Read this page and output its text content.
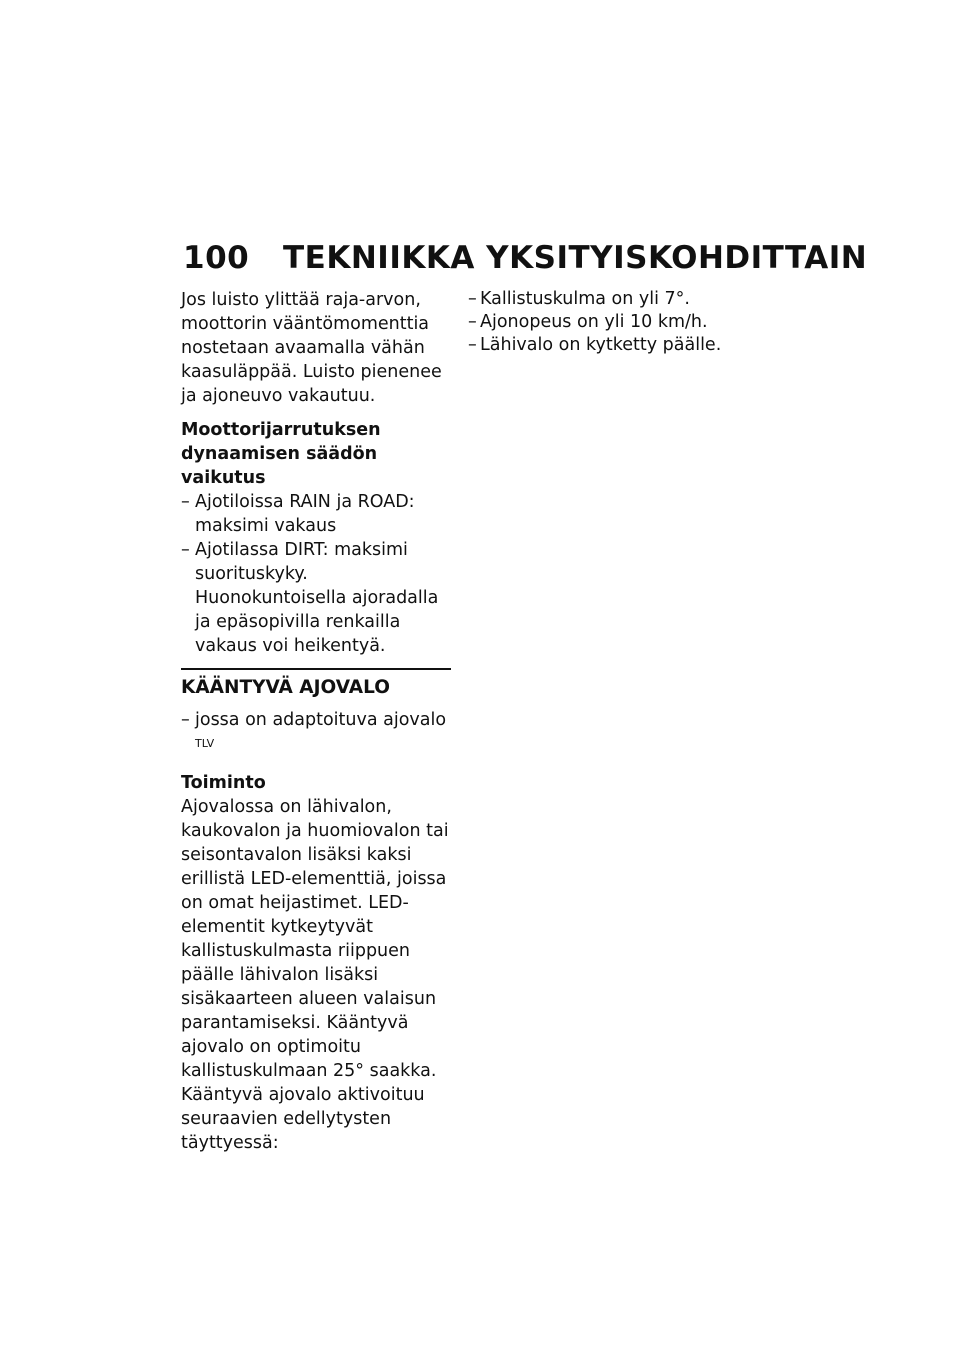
100 TEKNIIKKA YKSITYISKOHDITTAIN

Jos luisto ylittää raja-arvon, moottorin vääntömomenttia nostetaan avaamalla vähän kaasuläppää. Luisto pienenee ja ajoneuvo vakautuu.

Moottorijarrutuksen dynaamisen säädön vaikutus

– Ajotiloissa RAIN ja ROAD: maksimi vakaus
– Ajotilassa DIRT: maksimi suorituskyky. Huonokuntoisella ajoradalla ja epäsopivilla renkailla vakaus voi heikentyä.

KÄÄNTYVÄ AJOVALO

– jossa on adaptoituva ajovalo $^{TLV}$

Toiminto

Ajovalossa on lähivalon, kaukovalon ja huomiovalon tai seisontavalon lisäksi kaksi erillistä LED-elementtiä, joissa on omat heijastimet. LED-elementit kytkeytyvät kallistuskulmasta riippuen päälle lähivalon lisäksi sisäkaarteen alueen valaisun parantamiseksi. Kääntyvä ajovalo on optimoitu kallistuskulmaan 25° saakka.

Kääntyvä ajovalo aktivoituu seuraavien edellytysten täyttyessä:

– Kallistuskulma on yli 7°.
– Ajonopeus on yli 10 km/h.
– Lähivalo on kytketty päälle.
